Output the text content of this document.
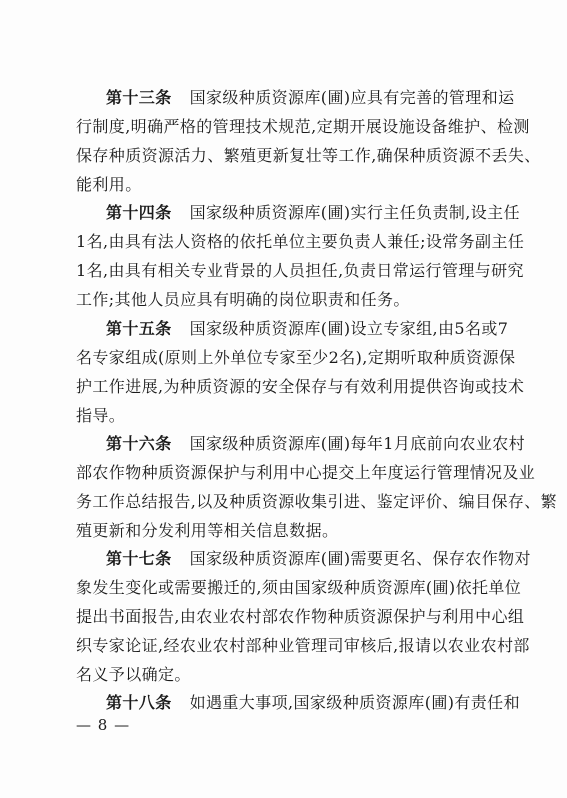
第十三条 国家级种质资源库(圃)应具有完善的管理和运
行制度,明确严格的管理技术规范,定期开展设施设备维护、检测
保存种质资源活力、繁殖更新复壮等工作,确保种质资源不丢失、
能利用。
第十四条 国家级种质资源库(圃)实行主任负责制,设主任
1名,由具有法人资格的依托单位主要负责人兼任;设常务副主任
1名,由具有相关专业背景的人员担任,负责日常运行管理与研究
工作;其他人员应具有明确的岗位职责和任务。
第十五条 国家级种质资源库(圃)设立专家组,由5名或7
名专家组成(原则上外单位专家至少2名),定期听取种质资源保
护工作进展,为种质资源的安全保存与有效利用提供咨询或技术
指导。
第十六条 国家级种质资源库(圃)每年1月底前向农业农村
部农作物种质资源保护与利用中心提交上年度运行管理情况及业
务工作总结报告,以及种质资源收集引进、鉴定评价、编目保存、繁
殖更新和分发利用等相关信息数据。
第十七条 国家级种质资源库(圃)需要更名、保存农作物对
象发生变化或需要搬迁的,须由国家级种质资源库(圃)依托单位
提出书面报告,由农业农村部农作物种质资源保护与利用中心组
织专家论证,经农业农村部种业管理司审核后,报请以农业农村部
名义予以确定。
第十八条 如遇重大事项,国家级种质资源库(圃)有责任和
— 8 —
